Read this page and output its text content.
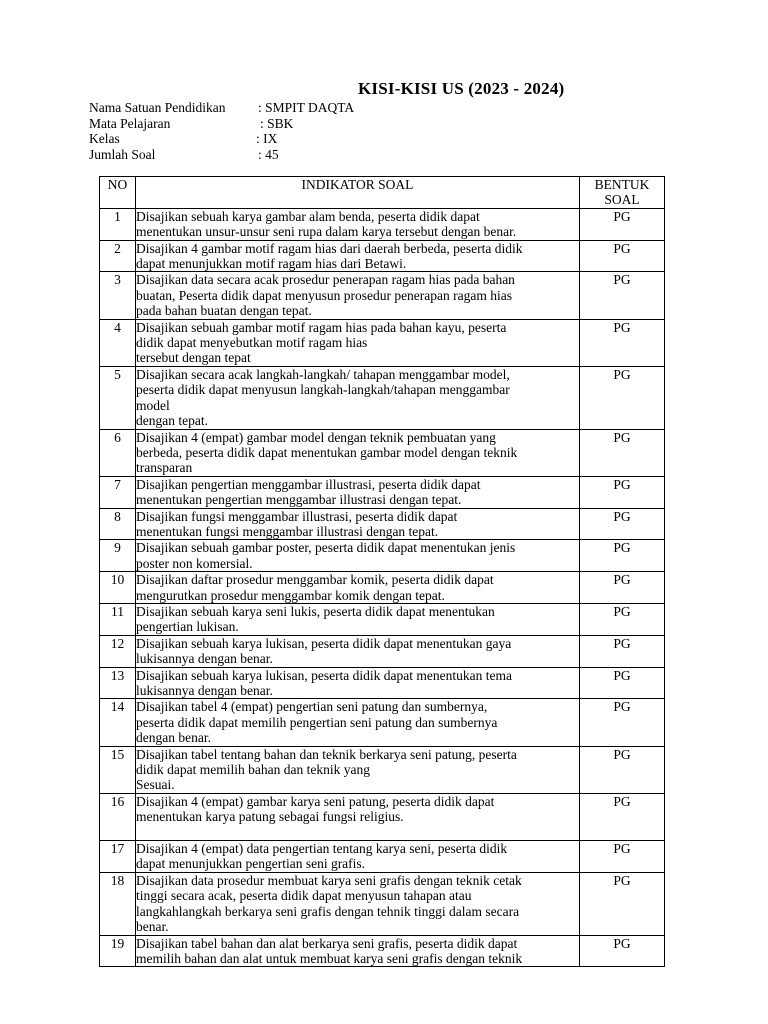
KISI-KISI US (2023 - 2024)
Nama Satuan Pendidikan : SMPIT DAQTA
Mata Pelajaran	: SBK
Kelas	: IX
Jumlah Soal	: 45
NO	INDIKATOR SOAL	BENTUK
SOAL

1	Disajikan sebuah karya gambar alam benda, peserta didik dapat
menentukan unsur-unsur seni rupa dalam karya tersebut dengan benar.	PG
2	Disajikan 4 gambar motif ragam hias dari daerah berbeda, peserta didik
dapat menunjukkan motif ragam hias dari Betawi.	PG
3	Disajikan data secara acak prosedur penerapan ragam hias pada bahan
buatan, Peserta didik dapat menyusun prosedur penerapan ragam hias
pada bahan buatan dengan tepat.	PG
4	Disajikan sebuah gambar motif ragam hias pada bahan kayu, peserta
didik dapat menyebutkan motif ragam hias
tersebut dengan tepat	PG
5	Disajikan secara acak langkah-langkah/ tahapan menggambar model,
peserta didik dapat menyusun langkah-langkah/tahapan menggambar
model
dengan tepat.	PG
6	Disajikan 4 (empat) gambar model dengan teknik pembuatan yang
berbeda, peserta didik dapat menentukan gambar model dengan teknik
transparan	PG
7	Disajikan pengertian menggambar illustrasi, peserta didik dapat
menentukan pengertian menggambar illustrasi dengan tepat.	PG
8	Disajikan fungsi menggambar illustrasi, peserta didik dapat
menentukan fungsi menggambar illustrasi dengan tepat.	PG
9	Disajikan sebuah gambar poster, peserta didik dapat menentukan jenis
poster non komersial.	PG
10	Disajikan daftar prosedur menggambar komik, peserta didik dapat
mengurutkan prosedur menggambar komik dengan tepat.	PG
11	Disajikan sebuah karya seni lukis, peserta didik dapat menentukan
pengertian lukisan.	PG
12	Disajikan sebuah karya lukisan, peserta didik dapat menentukan gaya
lukisannya dengan benar.	PG
13	Disajikan sebuah karya lukisan, peserta didik dapat menentukan tema
lukisannya dengan benar.	PG
14	Disajikan tabel 4 (empat) pengertian seni patung dan sumbernya,
peserta didik dapat memilih pengertian seni patung dan sumbernya
dengan benar.	PG
15	Disajikan tabel tentang bahan dan teknik berkarya seni patung, peserta
didik dapat memilih bahan dan teknik yang
Sesuai.	PG
16	Disajikan 4 (empat) gambar karya seni patung, peserta didik dapat
menentukan karya patung sebagai fungsi religius.	PG
17	Disajikan 4 (empat) data pengertian tentang karya seni, peserta didik
dapat menunjukkan pengertian seni grafis.	PG
18	Disajikan data prosedur membuat karya seni grafis dengan teknik cetak
tinggi secara acak, peserta didik dapat menyusun tahapan atau
langkahlangkah berkarya seni grafis dengan tehnik tinggi dalam secara
benar.	PG
19	Disajikan tabel bahan dan alat berkarya seni grafis, peserta didik dapat
memilih bahan dan alat untuk membuat karya seni grafis dengan teknik	PG
